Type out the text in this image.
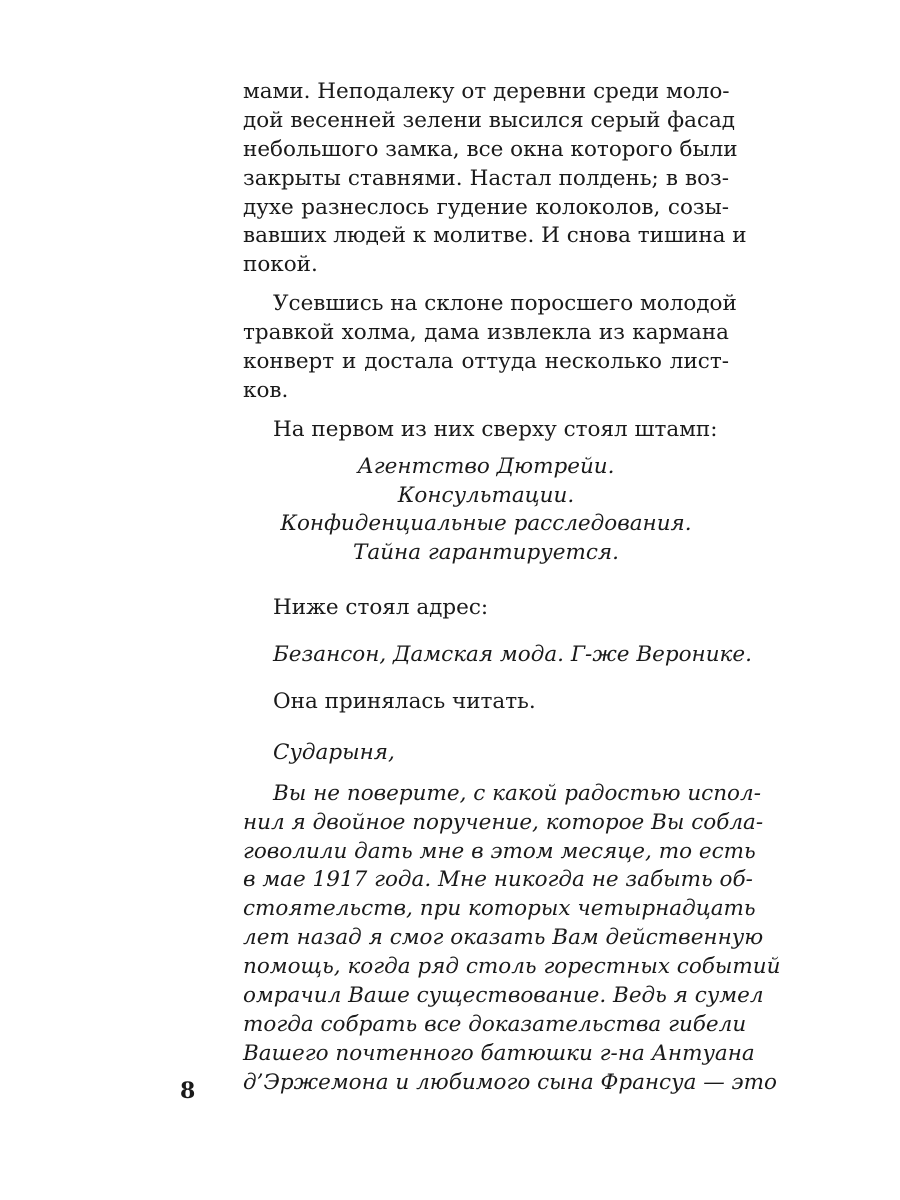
мами. Неподалеку от деревни среди моло-
дой весенней зелени высился серый фасад
небольшого замка, все окна которого были
закрыты ставнями. Настал полдень; в воз-
духе разнеслось гудение колоколов, созы-
вавших людей к молитве. И снова тишина и
покой.
Усевшись на склоне поросшего молодой
травкой холма, дама извлекла из кармана
конверт и достала оттуда несколько лист-
ков.
На первом из них сверху стоял штамп:
Агентство Дютрейи.
Консультации.
Конфиденциальные расследования.
Тайна гарантируется.
Ниже стоял адрес:
Безансон, Дамская мода. Г-же Веронике.
Она принялась читать.
Сударыня,
Вы не поверите, с какой радостью испол-
нил я двойное поручение, которое Вы собла-
говолили дать мне в этом месяце, то есть
в мае 1917 года. Мне никогда не забыть об-
стоятельств, при которых четырнадцать
лет назад я смог оказать Вам действенную
помощь, когда ряд столь горестных событий
омрачил Ваше существование. Ведь я сумел
тогда собрать все доказательства гибели
Вашего почтенного батюшки г-на Антуана
д’Эржемона и любимого сына Франсуа — это
8
